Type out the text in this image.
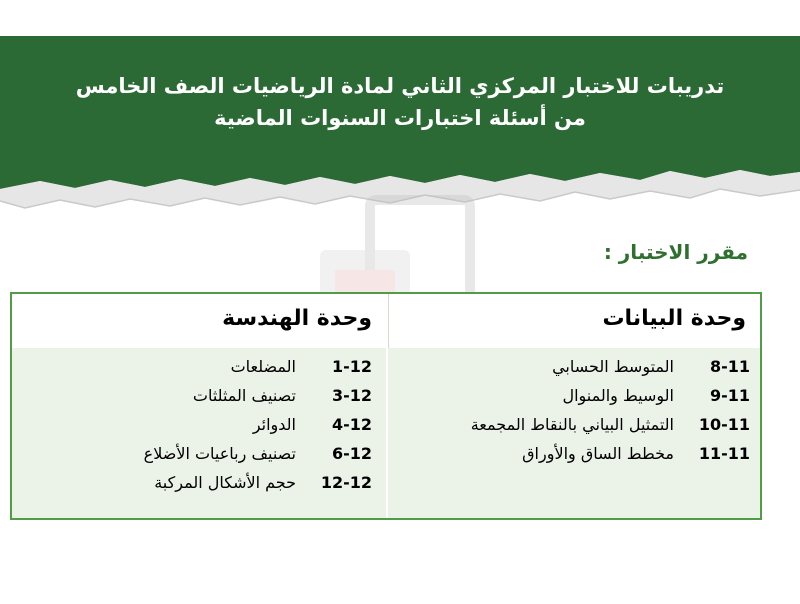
تدريبات للاختبار المركزي الثاني لمادة الرياضيات الصف الخامس
من أسئلة اختبارات السنوات الماضية
مقرر الاختبار :
وحدة البيانات
وحدة الهندسة
8-11
المتوسط الحسابي
9-11
الوسيط والمنوال
10-11
التمثيل البياني بالنقاط المجمعة
11-11
مخطط الساق والأوراق
1-12
المضلعات
3-12
تصنيف المثلثات
4-12
الدوائر
6-12
تصنيف رباعيات الأضلاع
12-12
حجم الأشكال المركبة
